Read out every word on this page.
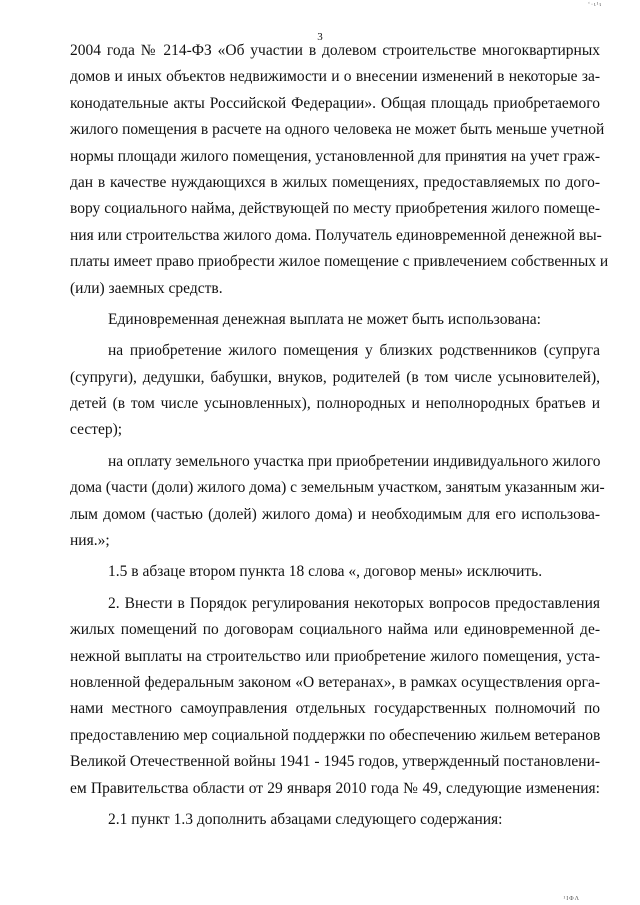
‘·ι¹ι
3
2004 года № 214-ФЗ «Об участии в долевом строительстве многоквартирных
домов и иных объектов недвижимости и о внесении изменений в некоторые за-
конодательные акты Российской Федерации». Общая площадь приобретаемого
жилого помещения в расчете на одного человека не может быть меньше учетной
нормы площади жилого помещения, установленной для принятия на учет граж-
дан в качестве нуждающихся в жилых помещениях, предоставляемых по дого-
вору социального найма, действующей по месту приобретения жилого помеще-
ния или строительства жилого дома. Получатель единовременной денежной вы-
платы имеет право приобрести жилое помещение с привлечением собственных и
(или) заемных средств.
Единовременная денежная выплата не может быть использована:
на приобретение жилого помещения у близких родственников (супруга
(супруги), дедушки, бабушки, внуков, родителей (в том числе усыновителей),
детей (в том числе усыновленных), полнородных и неполнородных братьев и
сестер);
на оплату земельного участка при приобретении индивидуального жилого
дома (части (доли) жилого дома) с земельным участком, занятым указанным жи-
лым домом (частью (долей) жилого дома) и необходимым для его использова-
ния.»;
1.5 в абзаце втором пункта 18 слова «, договор мены» исключить.
2. Внести в Порядок регулирования некоторых вопросов предоставления
жилых помещений по договорам социального найма или единовременной де-
нежной выплаты на строительство или приобретение жилого помещения, уста-
новленной федеральным законом «О ветеранах», в рамках осуществления орга-
нами местного самоуправления отдельных государственных полномочий по
предоставлению мер социальной поддержки по обеспечению жильем ветеранов
Великой Отечественной войны 1941 - 1945 годов, утвержденный постановлени-
ем Правительства области от 29 января 2010 года № 49, следующие изменения:
2.1 пункт 1.3 дополнить абзацами следующего содержания:
¹ΙΦΛ
